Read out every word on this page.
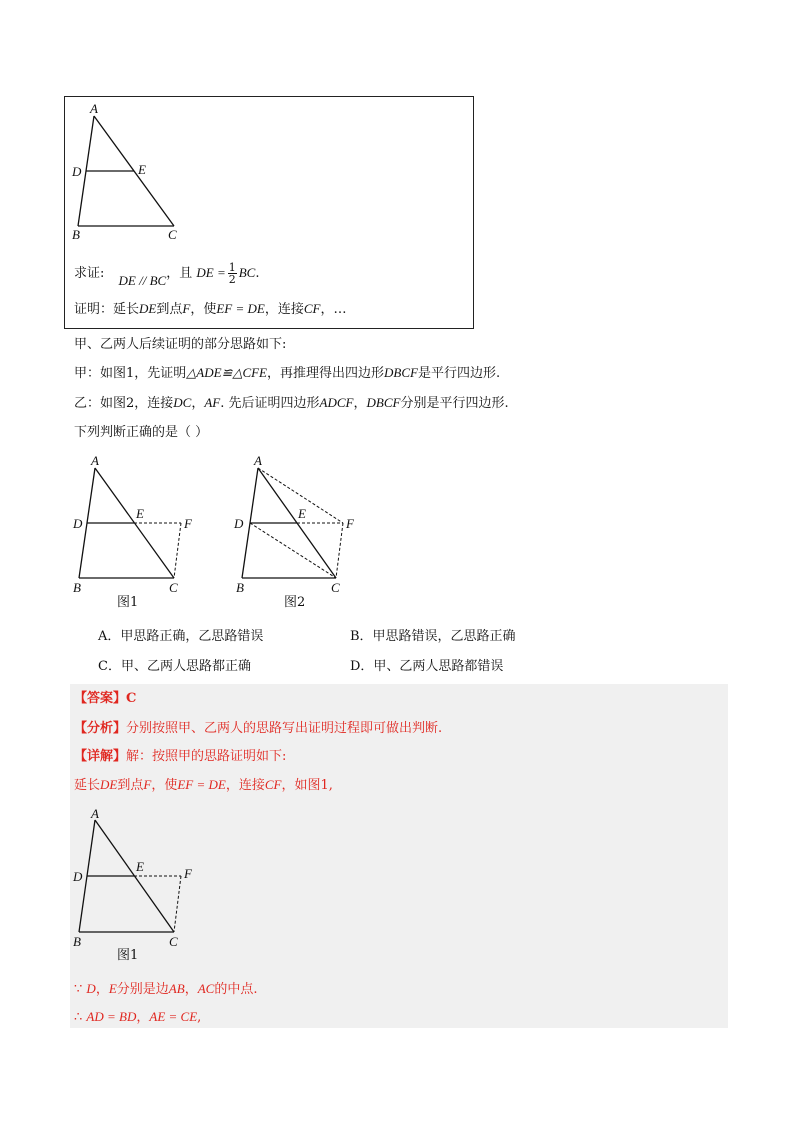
A
D	E
B	C
求证: DE // BC，且 DE = $\frac{1}{2}$ BC.
证明：延长DE到点F，使EF = DE，连接CF，…
甲、乙两人后续证明的部分思路如下:
甲：如图1，先证明△ADE≌△CFE，再推理得出四边形DBCF是平行四边形.
乙：如图2，连接DC，AF. 先后证明四边形ADCF，DBCF分别是平行四边形.
下列判断正确的是（ ）
A
D
E
F
B	C
图1
A
D
E
F
B	C
图2
A．甲思路正确，乙思路错误	B．甲思路错误，乙思路正确
C．甲、乙两人思路都正确	D．甲、乙两人思路都错误
【答案】C
【分析】分别按照甲、乙两人的思路写出证明过程即可做出判断.
【详解】解：按照甲的思路证明如下:
延长DE到点F，使EF = DE，连接CF，如图1,
A
D
E	F
B	C
图1
∵ D，E分别是边AB，AC的中点.
∴ AD = BD，AE = CE,
